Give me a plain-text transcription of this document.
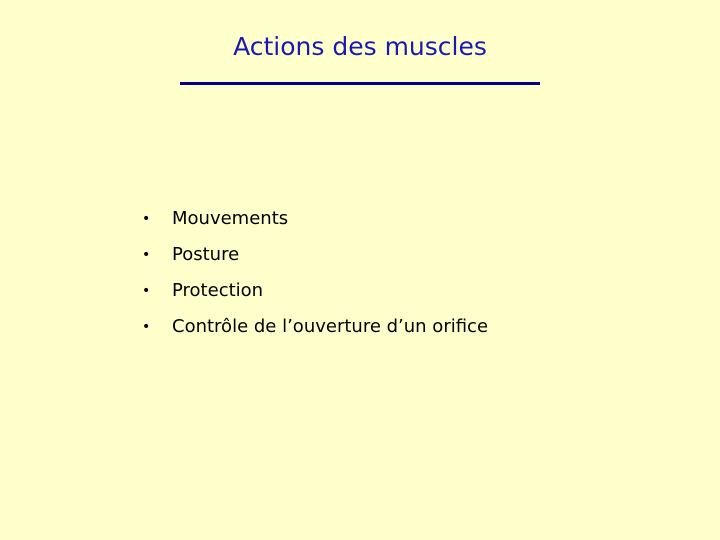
Actions des muscles
• Mouvements
• Posture
• Protection
• Contrôle de l’ouverture d’un orifice
